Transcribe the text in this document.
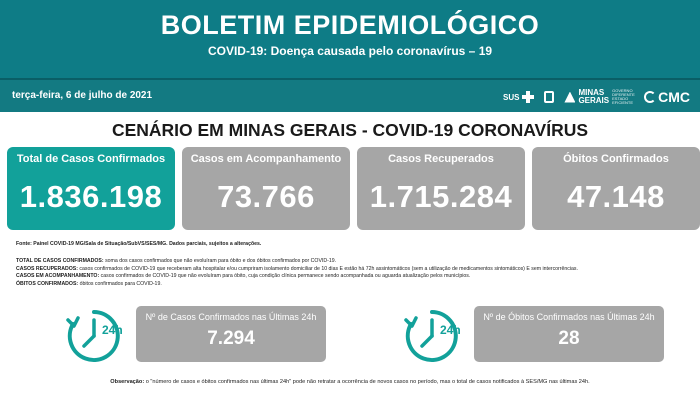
BOLETIM EPIDEMIOLÓGICO
COVID-19: Doença causada pelo coronavírus – 19
terça-feira, 6 de julho de 2021	SUS	MINAS
GERAIS
GOVERNO DIFERENTE ESTADO EFICIENTE CMC
CENÁRIO EM MINAS GERAIS - COVID-19 CORONAVÍRUS
Total de Casos Confirmados
1.836.198
Casos em Acompanhamento
73.766
Casos Recuperados
1.715.284
Óbitos Confirmados
47.148
Fonte: Painel COVID-19 MG/Sala de Situação/SubVS/SES/MG. Dados parciais, sujeitos a alterações.
TOTAL DE CASOS CONFIRMADOS: soma dos casos confirmados que não evoluíram para óbito e dos óbitos confirmados por COVID-19.
CASOS RECUPERADOS: casos confirmados de COVID-19 que receberam alta hospitalar e/ou cumpriram isolamento domiciliar de 10 dias E estão há 72h assintomáticos (sem a utilização de medicamentos sintomáticos) E sem intercorrências.
CASOS EM ACOMPANHAMENTO: casos confirmados de COVID-19 que não evoluíram para óbito, cuja condição clínica permanece sendo acompanhada ou aguarda atualização pelos municípios.
ÓBITOS CONFIRMADOS: óbitos confirmados para COVID-19.
24h
Nº de Casos Confirmados nas Últimas 24h
7.294	24h
Nº de Óbitos Confirmados nas Últimas 24h
28
Observação: o "número de casos e óbitos confirmados nas últimas 24h" pode não retratar a ocorrência de novos casos no período, mas o total de casos notificados à SES/MG nas últimas 24h.
